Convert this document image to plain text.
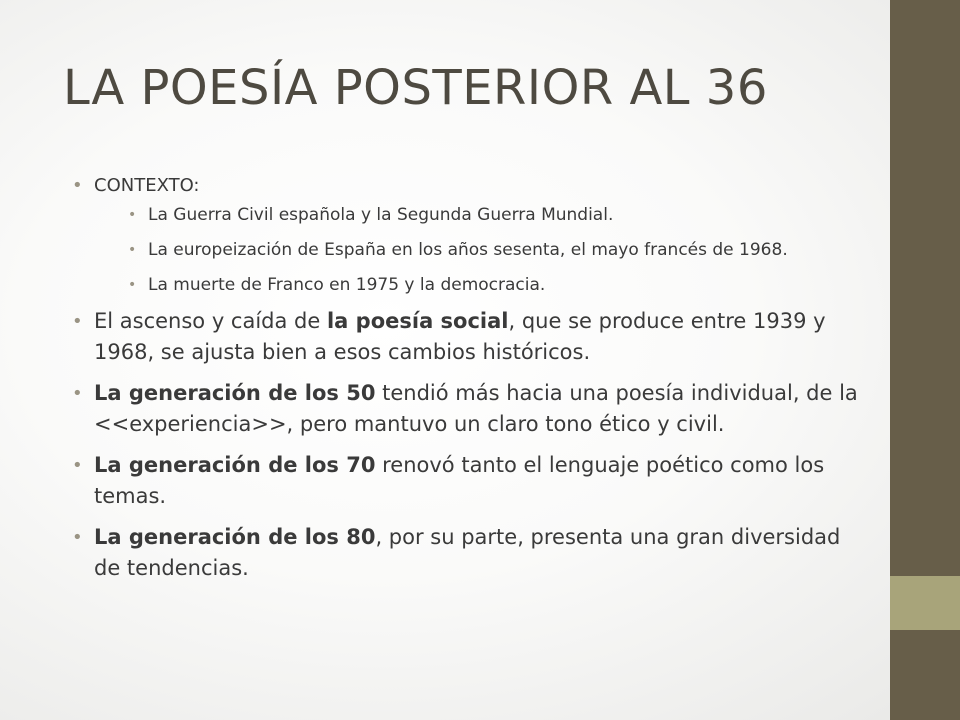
LA POESÍA POSTERIOR AL 36
• CONTEXTO:
• La Guerra Civil española y la Segunda Guerra Mundial.
• La europeización de España en los años sesenta, el mayo francés de 1968.
• La muerte de Franco en 1975 y la democracia.
• El ascenso y caída de la poesía social, que se produce entre 1939 y 1968, se ajusta bien a esos cambios históricos.
• La generación de los 50 tendió más hacia una poesía individual, de la <<experiencia>>, pero mantuvo un claro tono ético y civil.
• La generación de los 70 renovó tanto el lenguaje poético como los temas.
• La generación de los 80, por su parte, presenta una gran diversidad de tendencias.
